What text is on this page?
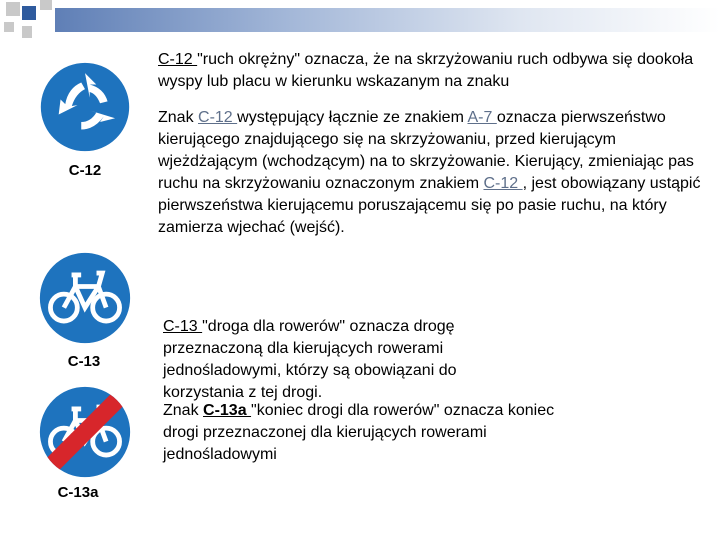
C-12
C-13
C-13a
C-12 "ruch okrężny" oznacza, że na skrzyżowaniu ruch odbywa się dookoła wyspy lub placu w kierunku wskazanym na znaku
Znak C-12 występujący łącznie ze znakiem A-7 oznacza pierwszeństwo kierującego znajdującego się na skrzyżowaniu, przed kierującym wjeżdżającym (wchodzącym) na to skrzyżowanie. Kierujący, zmieniając pas ruchu na skrzyżowaniu oznaczonym znakiem C-12 , jest obowiązany ustąpić pierwszeństwa kierującemu poruszającemu się po pasie ruchu, na który zamierza wjechać (wejść).
C-13 "droga dla rowerów" oznacza drogę przeznaczoną dla kierujących rowerami jednośladowymi, którzy są obowiązani do korzystania z tej drogi.
Znak C-13a "koniec drogi dla rowerów" oznacza koniec drogi przeznaczonej dla kierujących rowerami jednośladowymi
